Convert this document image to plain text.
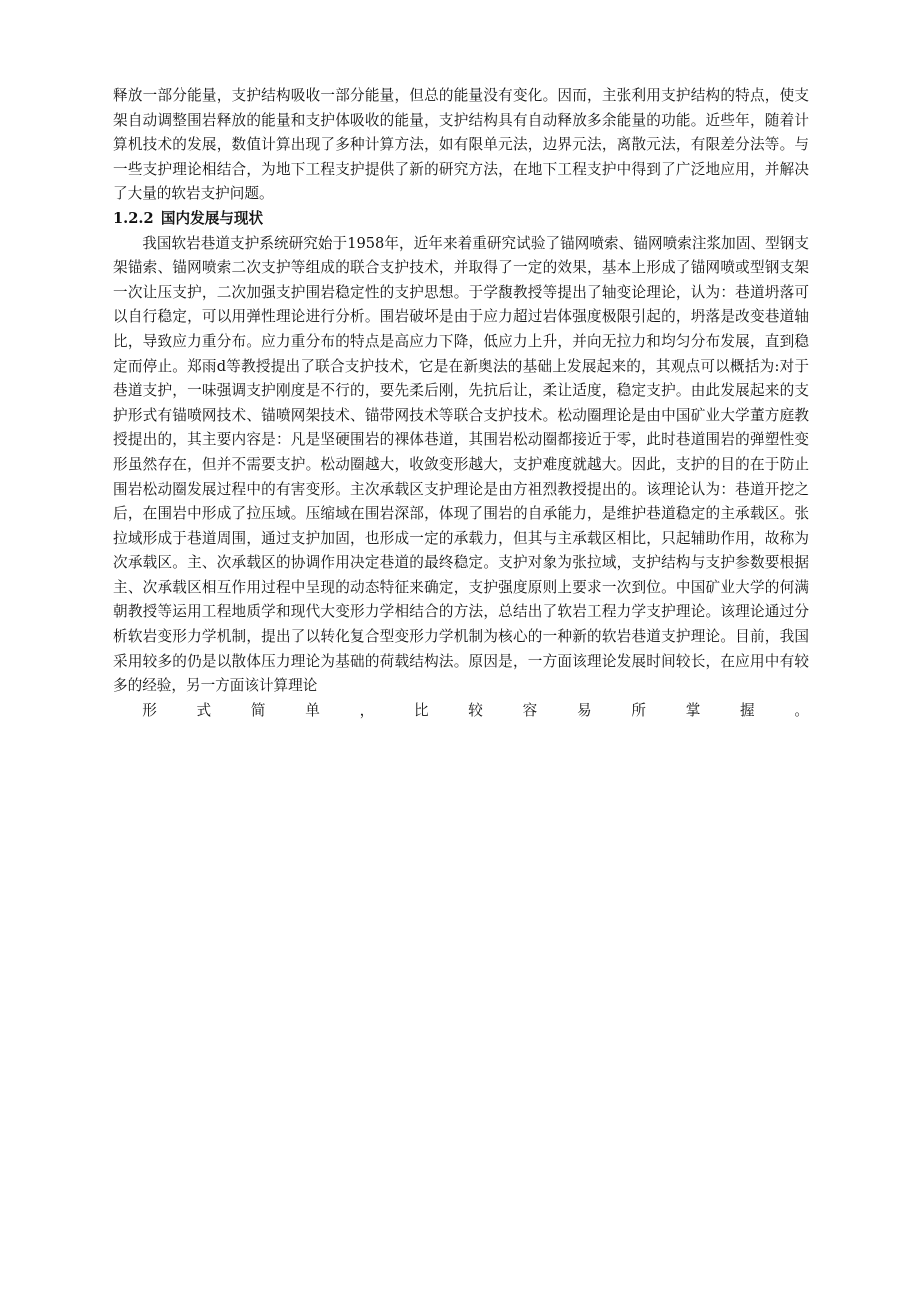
释放一部分能量，支护结构吸收一部分能量，但总的能量没有变化。因而，主张利用支护结构的特点，使支架自动调整围岩释放的能量和支护体吸收的能量，支护结构具有自动释放多余能量的功能。近些年，随着计算机技术的发展，数值计算出现了多种计算方法，如有限单元法，边界元法，离散元法，有限差分法等。与一些支护理论相结合，为地下工程支护提供了新的研究方法，在地下工程支护中得到了广泛地应用，并解决了大量的软岩支护问题。

1.2.2 国内发展与现状

我国软岩巷道支护系统研究始于1958年，近年来着重研究试验了锚网喷索、锚网喷索注浆加固、型钢支架锚索、锚网喷索二次支护等组成的联合支护技术，并取得了一定的效果，基本上形成了锚网喷或型钢支架一次让压支护，二次加强支护围岩稳定性的支护思想。于学馥教授等提出了轴变论理论，认为：巷道坍落可以自行稳定，可以用弹性理论进行分析。围岩破坏是由于应力超过岩体强度极限引起的，坍落是改变巷道轴比，导致应力重分布。应力重分布的特点是高应力下降，低应力上升，并向无拉力和均匀分布发展，直到稳定而停止。郑雨d等教授提出了联合支护技术，它是在新奥法的基础上发展起来的，其观点可以概括为:对于巷道支护，一味强调支护刚度是不行的，要先柔后刚，先抗后让，柔让适度，稳定支护。由此发展起来的支护形式有锚喷网技术、锚喷网架技术、锚带网技术等联合支护技术。松动圈理论是由中国矿业大学董方庭教授提出的，其主要内容是：凡是坚硬围岩的裸体巷道，其围岩松动圈都接近于零，此时巷道围岩的弹塑性变形虽然存在，但并不需要支护。松动圈越大，收敛变形越大，支护难度就越大。因此，支护的目的在于防止围岩松动圈发展过程中的有害变形。主次承载区支护理论是由方祖烈教授提出的。该理论认为：巷道开挖之后，在围岩中形成了拉压域。压缩域在围岩深部，体现了围岩的自承能力，是维护巷道稳定的主承载区。张拉域形成于巷道周围，通过支护加固，也形成一定的承载力，但其与主承载区相比，只起辅助作用，故称为次承载区。主、次承载区的协调作用决定巷道的最终稳定。支护对象为张拉域，支护结构与支护参数要根据主、次承载区相互作用过程中呈现的动态特征来确定，支护强度原则上要求一次到位。中国矿业大学的何满朝教授等运用工程地质学和现代大变形力学相结合的方法，总结出了软岩工程力学支护理论。该理论通过分析软岩变形力学机制，提出了以转化复合型变形力学机制为核心的一种新的软岩巷道支护理论。目前，我国采用较多的仍是以散体压力理论为基础的荷载结构法。原因是，一方面该理论发展时间较长，在应用中有较多的经验，另一方面该计算理论
形式简单，比较容易所掌握。
